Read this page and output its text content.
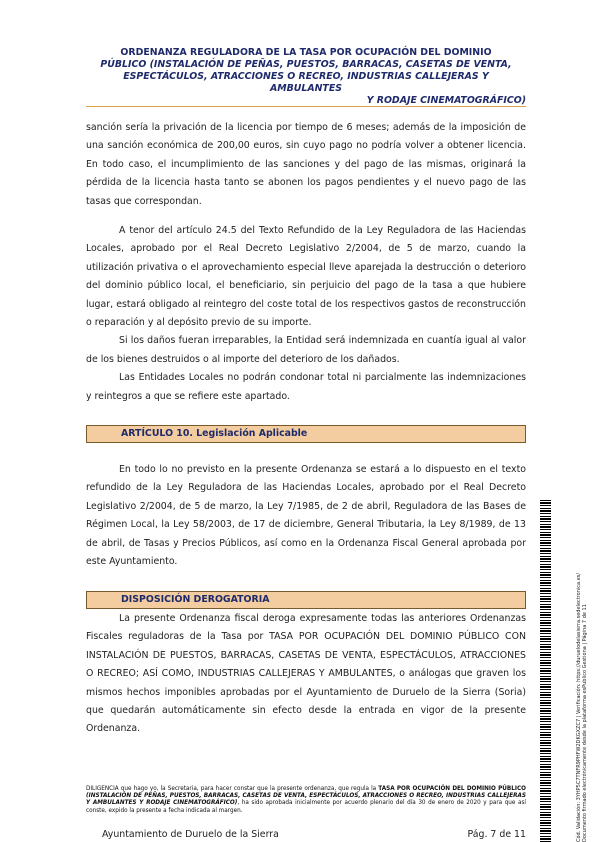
ORDENANZA REGULADORA DE LA TASA POR OCUPACIÓN DEL DOMINIO
PÚBLICO (INSTALACIÓN DE PEÑAS, PUESTOS, BARRACAS, CASETAS DE VENTA,
ESPECTÁCULOS, ATRACCIONES O RECREO, INDUSTRIAS CALLEJERAS Y AMBULANTES
Y RODAJE CINEMATOGRÁFICO)

sanción sería la privación de la licencia por tiempo de 6 meses; además de la imposición de una sanción económica de 200,00 euros, sin cuyo pago no podría volver a obtener licencia. En todo caso, el incumplimiento de las sanciones y del pago de las mismas, originará la pérdida de la licencia hasta tanto se abonen los pagos pendientes y el nuevo pago de las tasas que correspondan.

A tenor del artículo 24.5 del Texto Refundido de la Ley Reguladora de las Haciendas Locales, aprobado por el Real Decreto Legislativo 2/2004, de 5 de marzo, cuando la utilización privativa o el aprovechamiento especial lleve aparejada la destrucción o deterioro del dominio público local, el beneficiario, sin perjuicio del pago de la tasa a que hubiere lugar, estará obligado al reintegro del coste total de los respectivos gastos de reconstrucción o reparación y al depósito previo de su importe.

Si los daños fueran irreparables, la Entidad será indemnizada en cuantía igual al valor de los bienes destruidos o al importe del deterioro de los dañados.

Las Entidades Locales no podrán condonar total ni parcialmente las indemnizaciones y reintegros a que se refiere este apartado.

ARTÍCULO 10. Legislación Aplicable

En todo lo no previsto en la presente Ordenanza se estará a lo dispuesto en el texto refundido de la Ley Reguladora de las Haciendas Locales, aprobado por el Real Decreto Legislativo 2/2004, de 5 de marzo, la Ley 7/1985, de 2 de abril, Reguladora de las Bases de Régimen Local, la Ley 58/2003, de 17 de diciembre, General Tributaria, la Ley 8/1989, de 13 de abril, de Tasas y Precios Públicos, así como en la Ordenanza Fiscal General aprobada por este Ayuntamiento.

DISPOSICIÓN DEROGATORIA

La presente Ordenanza fiscal deroga expresamente todas las anteriores Ordenanzas Fiscales reguladoras de la Tasa por TASA POR OCUPACIÓN DEL DOMINIO PÚBLICO CON INSTALACIÓN DE PUESTOS, BARRACAS, CASETAS DE VENTA, ESPECTÁCULOS, ATRACCIONES O RECREO; ASÍ COMO, INDUSTRIAS CALLEJERAS Y AMBULANTES, o análogas que graven los mismos hechos imponibles aprobadas por el Ayuntamiento de Duruelo de la Sierra (Soria) que quedarán automáticamente sin efecto desde la entrada en vigor de la presente Ordenanza.

DILIGENCIA que hago yo, la Secretaria, para hacer constar que la presente ordenanza, que regula la TASA POR OCUPACIÓN DEL DOMINIO PÚBLICO (INSTALACIÓN DE PEÑAS, PUESTOS, BARRACAS, CASETAS DE VENTA, ESPECTÁCULOS, ATRACCIONES O RECREO, INDUSTRIAS CALLEJERAS Y AMBULANTES Y RODAJE CINEMATOGRÁFICO), ha sido aprobada inicialmente por acuerdo plenario del día 30 de enero de 2020 y para que así conste, expido la presente a fecha indicada al margen.
Ayuntamiento de Duruelo de la Sierra	Pág. 7 de 11	Cód. Validación: 3YHP5C7TNFR9PHFW2DKGXZC7 | Verificación: https://duruelodelasierra.sedelectronica.es/ Documento firmado electrónicamente desde la plataforma esPublico Gestiona | Página 7 de 11
